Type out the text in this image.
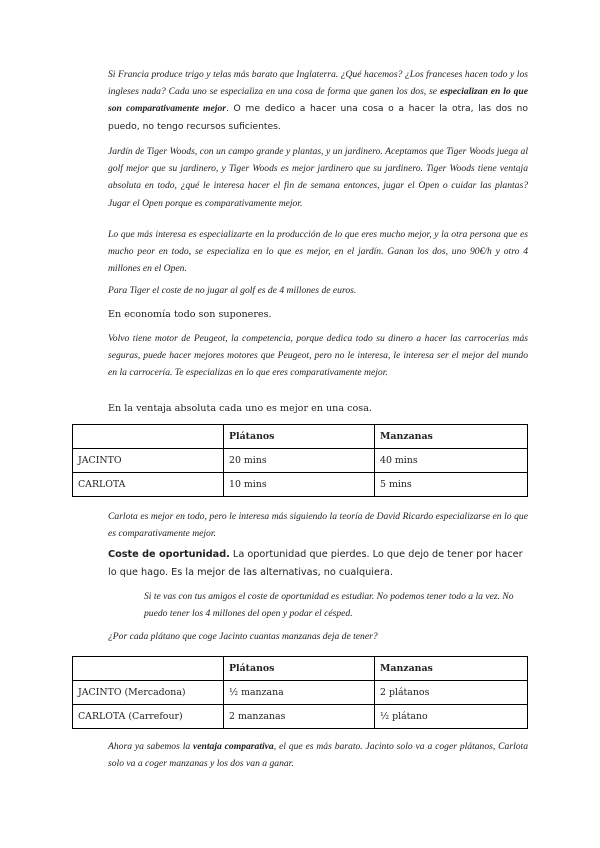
Si Francia produce trigo y telas más barato que Inglaterra. ¿Qué hacemos? ¿Los franceses hacen todo y los ingleses nada? Cada uno se especializa en una cosa de forma que ganen los dos, se especializan en lo que son comparativamente mejor. O me dedico a hacer una cosa o a hacer la otra, las dos no puedo, no tengo recursos suficientes.

Jardín de Tiger Woods, con un campo grande y plantas, y un jardinero. Aceptamos que Tiger Woods juega al golf mejor que su jardinero, y Tiger Woods es mejor jardinero que su jardinero. Tiger Woods tiene ventaja absoluta en todo, ¿qué le interesa hacer el fin de semana entonces, jugar el Open o cuidar las plantas? Jugar el Open porque es comparativamente mejor.

Lo que más interesa es especializarte en la producción de lo que eres mucho mejor, y la otra persona que es mucho peor en todo, se especializa en lo que es mejor, en el jardín. Ganan los dos, uno 90€/h y otro 4 millones en el Open.

Para Tiger el coste de no jugar al golf es de 4 millones de euros.

En economía todo son suponeres.

Volvo tiene motor de Peugeot, la competencia, porque dedica todo su dinero a hacer las carrocerías más seguras, puede hacer mejores motores que Peugeot, pero no le interesa, le interesa ser el mejor del mundo en la carrocería. Te especializas en lo que eres comparativamente mejor.

En la ventaja absoluta cada uno es mejor en una cosa.

	Plátanos	Manzanas
JACINTO	20 mins	40 mins
CARLOTA	10 mins	5 mins

Carlota es mejor en todo, pero le interesa más siguiendo la teoría de David Ricardo especializarse en lo que es comparativamente mejor.

Coste de oportunidad. La oportunidad que pierdes. Lo que dejo de tener por hacer lo que hago. Es la mejor de las alternativas, no cualquiera.

Si te vas con tus amigos el coste de oportunidad es estudiar. No podemos tener todo a la vez. No puedo tener los 4 millones del open y podar el césped.

¿Por cada plátano que coge Jacinto cuantas manzanas deja de tener?

	Plátanos	Manzanas
JACINTO (Mercadona)	½ manzana	2 plátanos
CARLOTA (Carrefour)	2 manzanas	½ plátano

Ahora ya sabemos la ventaja comparativa, el que es más barato. Jacinto solo va a coger plátanos, Carlota solo va a coger manzanas y los dos van a ganar.
